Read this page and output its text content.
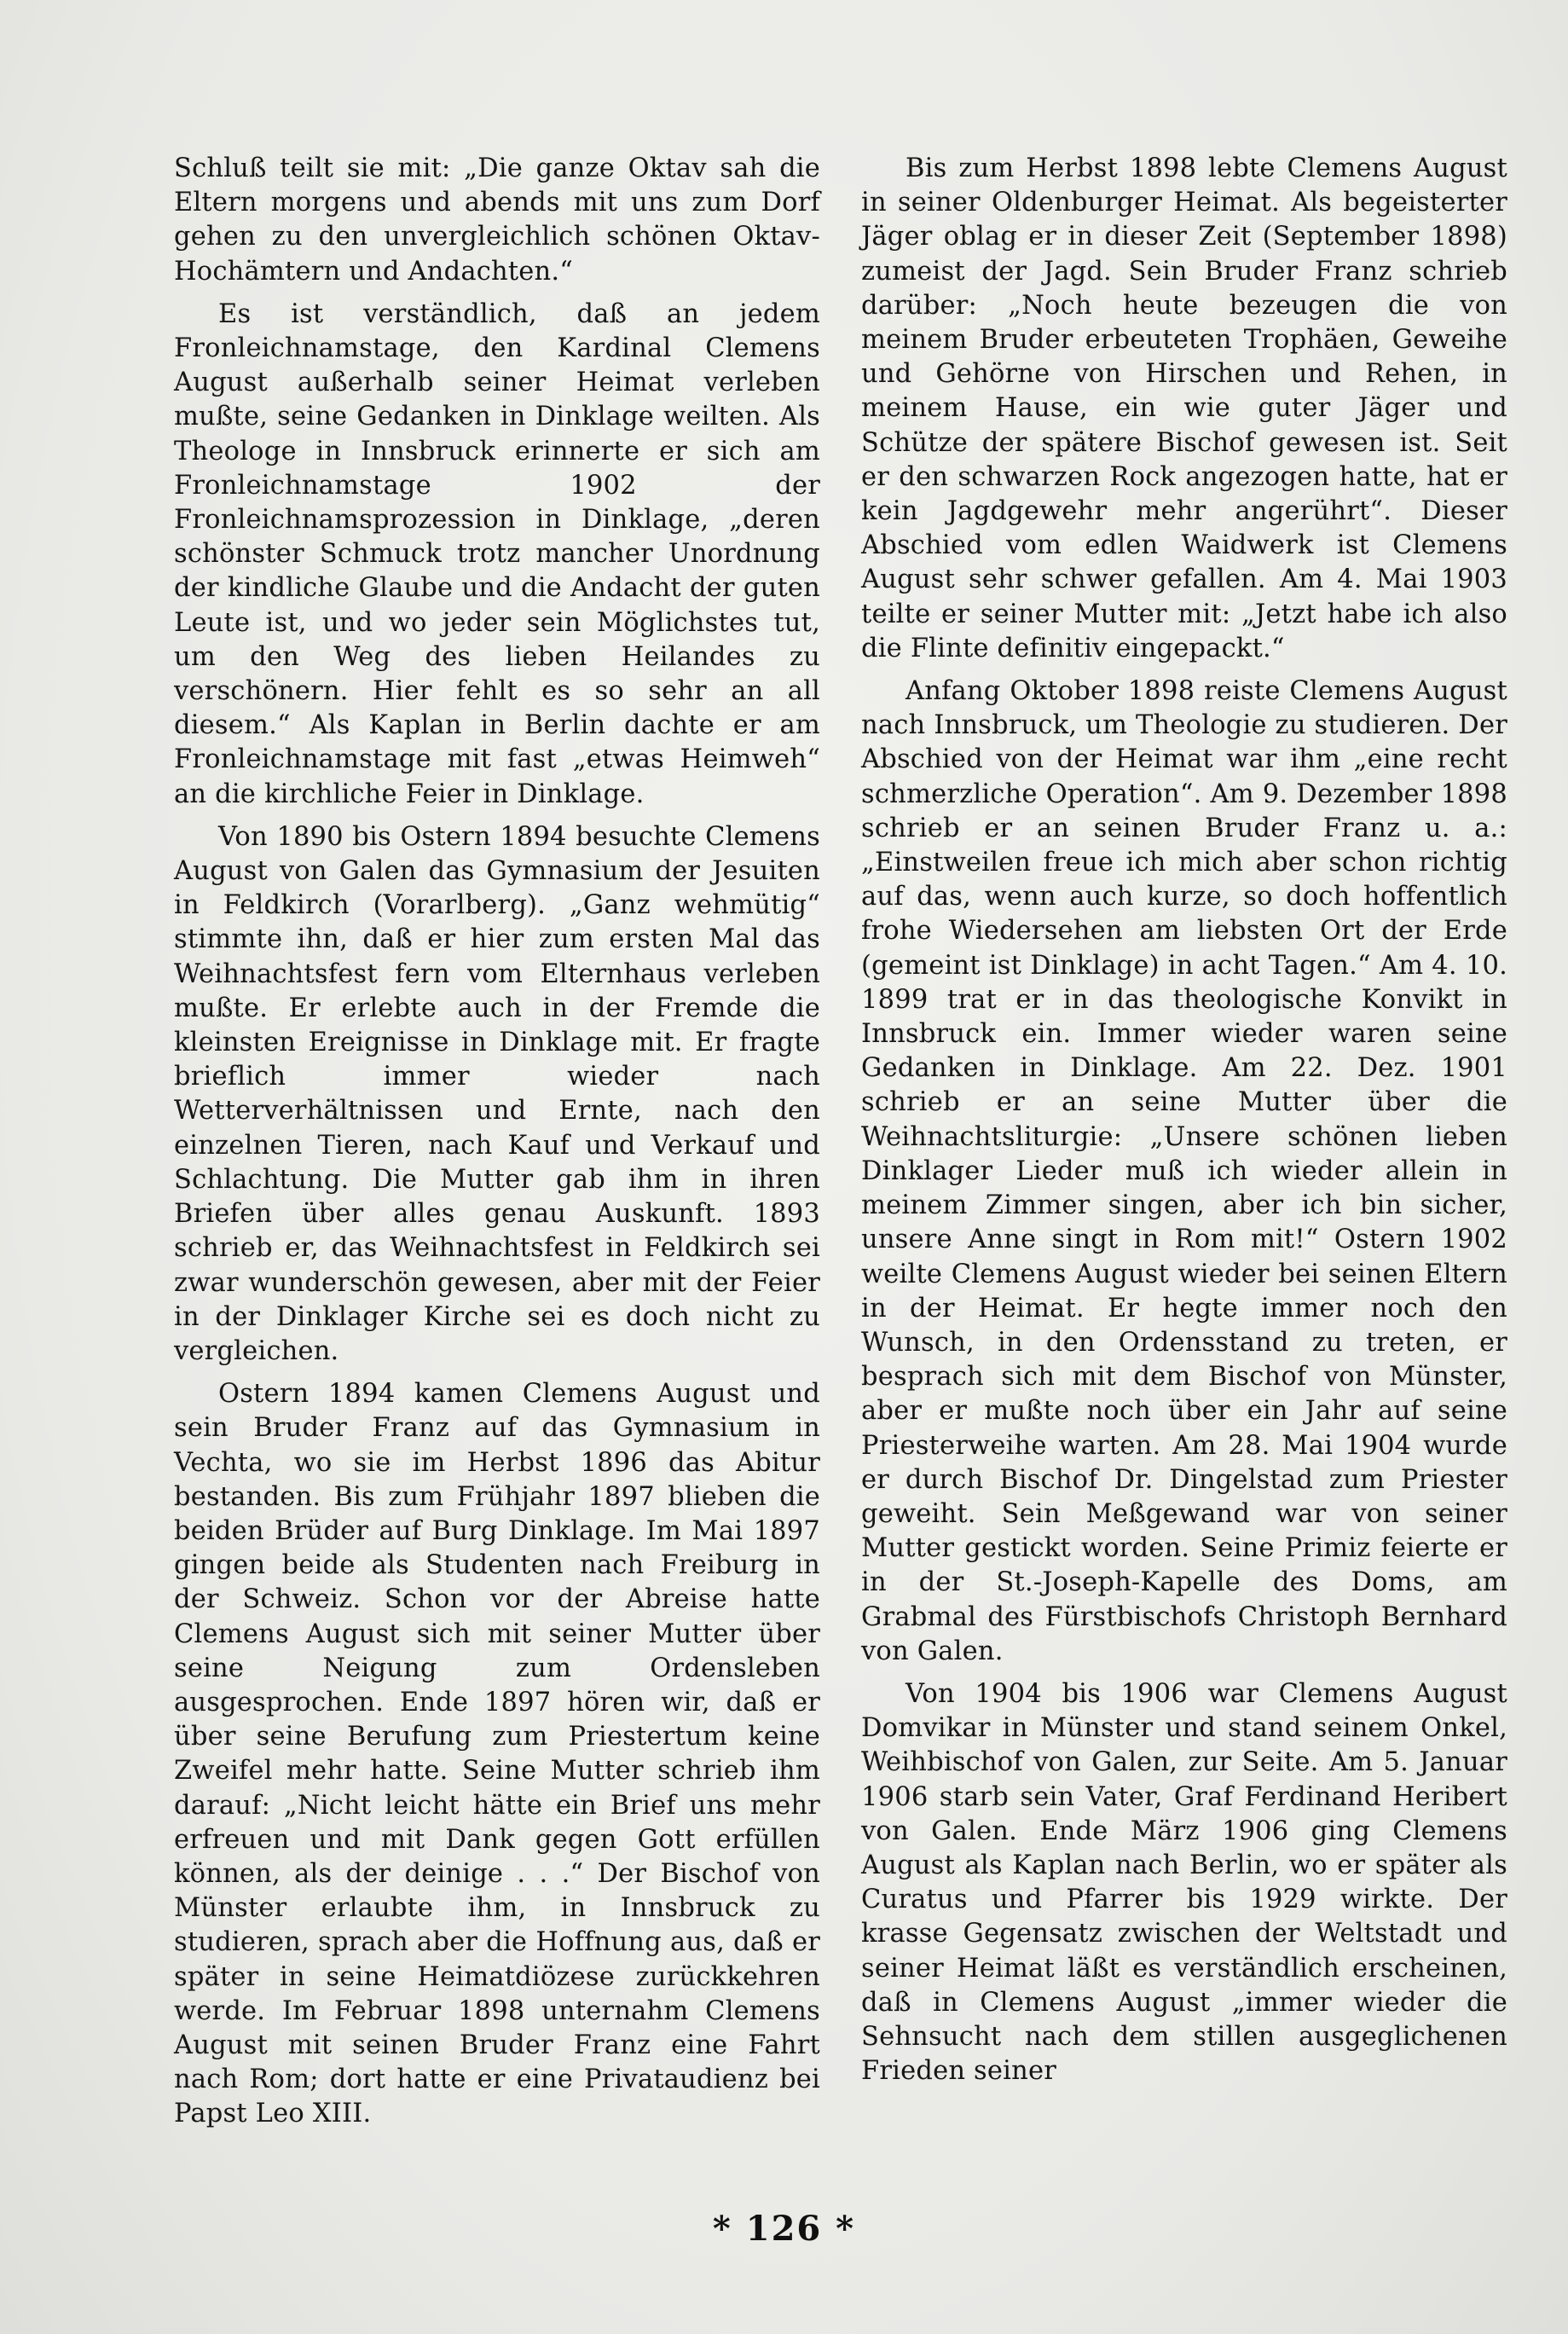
Schluß teilt sie mit: „Die ganze Oktav sah die Eltern morgens und abends mit uns zum Dorf gehen zu den unvergleichlich schönen Oktav-Hochämtern und Andachten.“

Es ist verständlich, daß an jedem Fronleichnamstage, den Kardinal Clemens August außerhalb seiner Heimat verleben mußte, seine Gedanken in Dinklage weilten. Als Theologe in Innsbruck erinnerte er sich am Fronleichnamstage 1902 der Fronleichnamsprozession in Dinklage, „deren schönster Schmuck trotz mancher Unordnung der kindliche Glaube und die Andacht der guten Leute ist, und wo jeder sein Möglichstes tut, um den Weg des lieben Heilandes zu verschönern. Hier fehlt es so sehr an all diesem.“ Als Kaplan in Berlin dachte er am Fronleichnamstage mit fast „etwas Heimweh“ an die kirchliche Feier in Dinklage.

Von 1890 bis Ostern 1894 besuchte Clemens August von Galen das Gymnasium der Jesuiten in Feldkirch (Vorarlberg). „Ganz wehmütig“ stimmte ihn, daß er hier zum ersten Mal das Weihnachtsfest fern vom Elternhaus verleben mußte. Er erlebte auch in der Fremde die kleinsten Ereignisse in Dinklage mit. Er fragte brieflich immer wieder nach Wetterverhältnissen und Ernte, nach den einzelnen Tieren, nach Kauf und Verkauf und Schlachtung. Die Mutter gab ihm in ihren Briefen über alles genau Auskunft. 1893 schrieb er, das Weihnachtsfest in Feldkirch sei zwar wunderschön gewesen, aber mit der Feier in der Dinklager Kirche sei es doch nicht zu vergleichen.

Ostern 1894 kamen Clemens August und sein Bruder Franz auf das Gymnasium in Vechta, wo sie im Herbst 1896 das Abitur bestanden. Bis zum Frühjahr 1897 blieben die beiden Brüder auf Burg Dinklage. Im Mai 1897 gingen beide als Studenten nach Freiburg in der Schweiz. Schon vor der Abreise hatte Clemens August sich mit seiner Mutter über seine Neigung zum Ordensleben ausgesprochen. Ende 1897 hören wir, daß er über seine Berufung zum Priestertum keine Zweifel mehr hatte. Seine Mutter schrieb ihm darauf: „Nicht leicht hätte ein Brief uns mehr erfreuen und mit Dank gegen Gott erfüllen können, als der deinige . . .“ Der Bischof von Münster erlaubte ihm, in Innsbruck zu studieren, sprach aber die Hoffnung aus, daß er später in seine Heimatdiözese zurückkehren werde. Im Februar 1898 unternahm Clemens August mit seinen Bruder Franz eine Fahrt nach Rom; dort hatte er eine Privataudienz bei Papst Leo XIII.

Bis zum Herbst 1898 lebte Clemens August in seiner Oldenburger Heimat. Als begeisterter Jäger oblag er in dieser Zeit (September 1898) zumeist der Jagd. Sein Bruder Franz schrieb darüber: „Noch heute bezeugen die von meinem Bruder erbeuteten Trophäen, Geweihe und Gehörne von Hirschen und Rehen, in meinem Hause, ein wie guter Jäger und Schütze der spätere Bischof gewesen ist. Seit er den schwarzen Rock angezogen hatte, hat er kein Jagdgewehr mehr angerührt“. Dieser Abschied vom edlen Waidwerk ist Clemens August sehr schwer gefallen. Am 4. Mai 1903 teilte er seiner Mutter mit: „Jetzt habe ich also die Flinte definitiv eingepackt.“

Anfang Oktober 1898 reiste Clemens August nach Innsbruck, um Theologie zu studieren. Der Abschied von der Heimat war ihm „eine recht schmerzliche Operation“. Am 9. Dezember 1898 schrieb er an seinen Bruder Franz u. a.: „Einstweilen freue ich mich aber schon richtig auf das, wenn auch kurze, so doch hoffentlich frohe Wiedersehen am liebsten Ort der Erde (gemeint ist Dinklage) in acht Tagen.“ Am 4. 10. 1899 trat er in das theologische Konvikt in Innsbruck ein. Immer wieder waren seine Gedanken in Dinklage. Am 22. Dez. 1901 schrieb er an seine Mutter über die Weihnachtsliturgie: „Unsere schönen lieben Dinklager Lieder muß ich wieder allein in meinem Zimmer singen, aber ich bin sicher, unsere Anne singt in Rom mit!“ Ostern 1902 weilte Clemens August wieder bei seinen Eltern in der Heimat. Er hegte immer noch den Wunsch, in den Ordensstand zu treten, er besprach sich mit dem Bischof von Münster, aber er mußte noch über ein Jahr auf seine Priesterweihe warten. Am 28. Mai 1904 wurde er durch Bischof Dr. Dingelstad zum Priester geweiht. Sein Meßgewand war von seiner Mutter gestickt worden. Seine Primiz feierte er in der St.-Joseph-Kapelle des Doms, am Grabmal des Fürstbischofs Christoph Bernhard von Galen.

Von 1904 bis 1906 war Clemens August Domvikar in Münster und stand seinem Onkel, Weihbischof von Galen, zur Seite. Am 5. Januar 1906 starb sein Vater, Graf Ferdinand Heribert von Galen. Ende März 1906 ging Clemens August als Kaplan nach Berlin, wo er später als Curatus und Pfarrer bis 1929 wirkte. Der krasse Gegensatz zwischen der Weltstadt und seiner Heimat läßt es verständlich erscheinen, daß in Clemens August „immer wieder die Sehnsucht nach dem stillen ausgeglichenen Frieden seiner

* 126 *
